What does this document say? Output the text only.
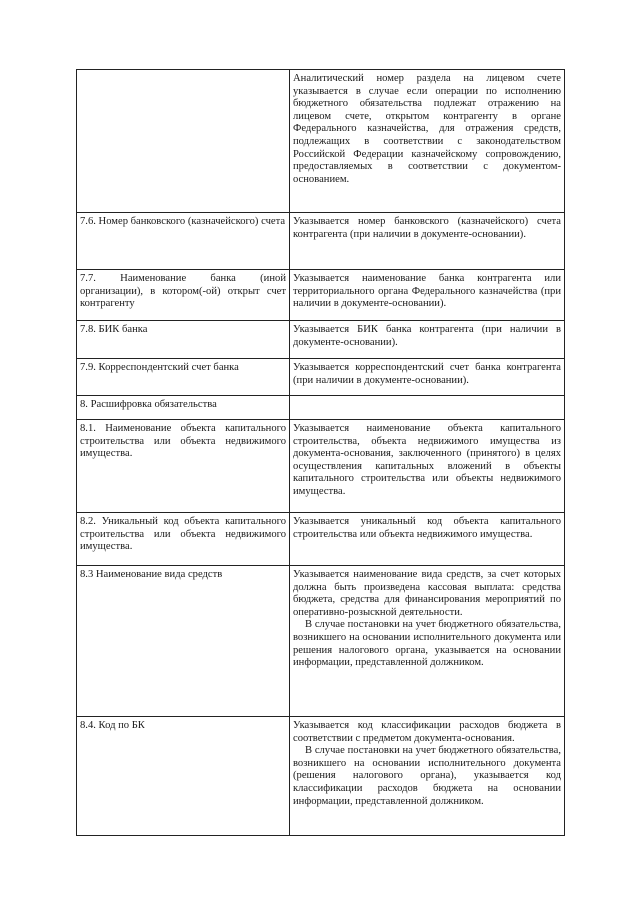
	Аналитический номер раздела на лицевом счете указывается в случае если операции по исполнению бюджетного обязательства подлежат отражению на лицевом счете, открытом контрагенту в органе Федерального казначейства, для отражения средств, подлежащих в соответствии с законодательством Российской Федерации казначейскому сопровождению, предоставляемых в соответствии с документом-основанием.

7.6. Номер банковского (казначейского) счета	Указывается номер банковского (казначейского) счета контрагента (при наличии в документе-основании).

7.7. Наименование банка (иной организации), в котором(-ой) открыт счет контрагенту	Указывается наименование банка контрагента или территориального органа Федерального казначейства (при наличии в документе-основании).

7.8. БИК банка	Указывается БИК банка контрагента (при наличии в документе-основании).

7.9. Корреспондентский счет банка	Указывается корреспондентский счет банка контрагента (при наличии в документе-основании).

8. Расшифровка обязательства	
8.1. Наименование объекта капитального строительства или объекта недвижимого имущества.	Указывается наименование объекта капитального строительства, объекта недвижимого имущества из документа-основания, заключенного (принятого) в целях осуществления капитальных вложений в объекты капитального строительства или объекты недвижимого имущества.

8.2. Уникальный код объекта капитального строительства или объекта недвижимого имущества.	Указывается уникальный код объекта капитального строительства или объекта недвижимого имущества.

8.3 Наименование вида средств	Указывается наименование вида средств, за счет которых должна быть произведена кассовая выплата: средства бюджета, средства для финансирования мероприятий по оперативно-розыскной деятельности.

В случае постановки на учет бюджетного обязательства, возникшего на основании исполнительного документа или решения налогового органа, указывается на основании информации, представленной должником.

8.4. Код по БК	Указывается код классификации расходов бюджета в соответствии с предметом документа-основания.

В случае постановки на учет бюджетного обязательства, возникшего на основании исполнительного документа (решения налогового органа), указывается код классификации расходов бюджета на основании информации, представленной должником.
